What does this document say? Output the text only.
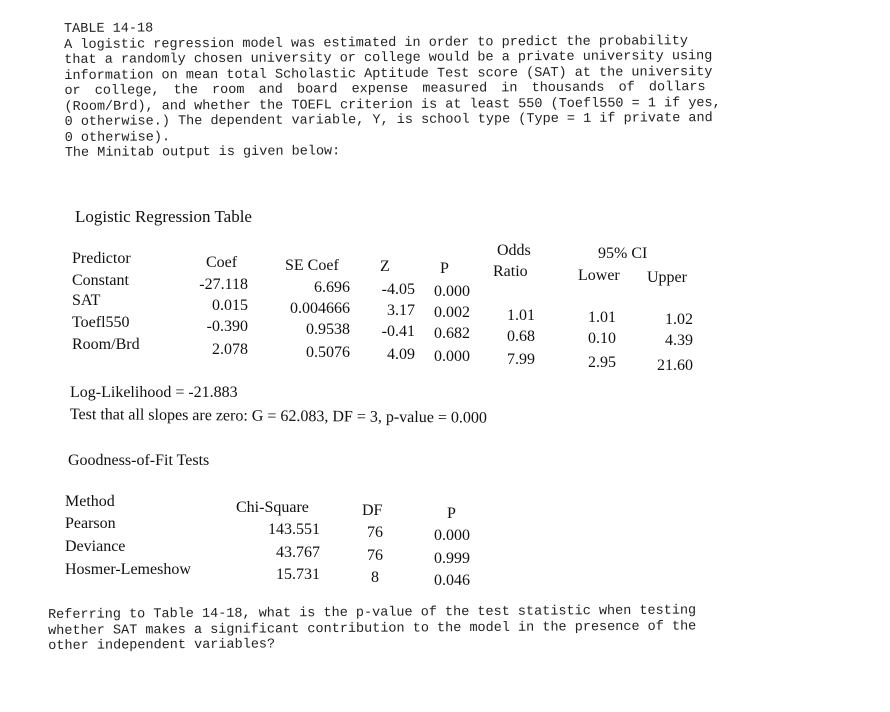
TABLE 14-18
A logistic regression model was estimated in order to predict the probability
that a randomly chosen university or college would be a private university using
information on mean total Scholastic Aptitude Test score (SAT) at the university
or college, the room and board expense measured in thousands of dollars
(Room/Brd), and whether the TOEFL criterion is at least 550 (Toefl550 = 1 if yes,
0 otherwise.) The dependent variable, Y, is school type (Type = 1 if private and
0 otherwise).
The Minitab output is given below:
Logistic Regression Table
Predictor	Coef	SE Coef	Z	P
Odds
Ratio
95% CI
Lower Upper
Constant	-27.118	6.696	-4.05	0.000
SAT	0.015	0.004666	3.17	0.002	1.01	1.01	1.02
Toefl550	-0.390	0.9538	-0.41	0.682	0.68	0.10	4.39
Room/Brd	2.078	0.5076	4.09	0.000	7.99	2.95	21.60
Log-Likelihood = -21.883
Test that all slopes are zero: G = 62.083, DF = 3, p-value = 0.000
Goodness-of-Fit Tests
Method	Chi-Square	DF	P
Pearson	143.551	76	0.000
Deviance	43.767	76	0.999
Hosmer-Lemeshow	15.731	8	0.046
Referring to Table 14-18, what is the p-value of the test statistic when testing
whether SAT makes a significant contribution to the model in the presence of the
other independent variables?
